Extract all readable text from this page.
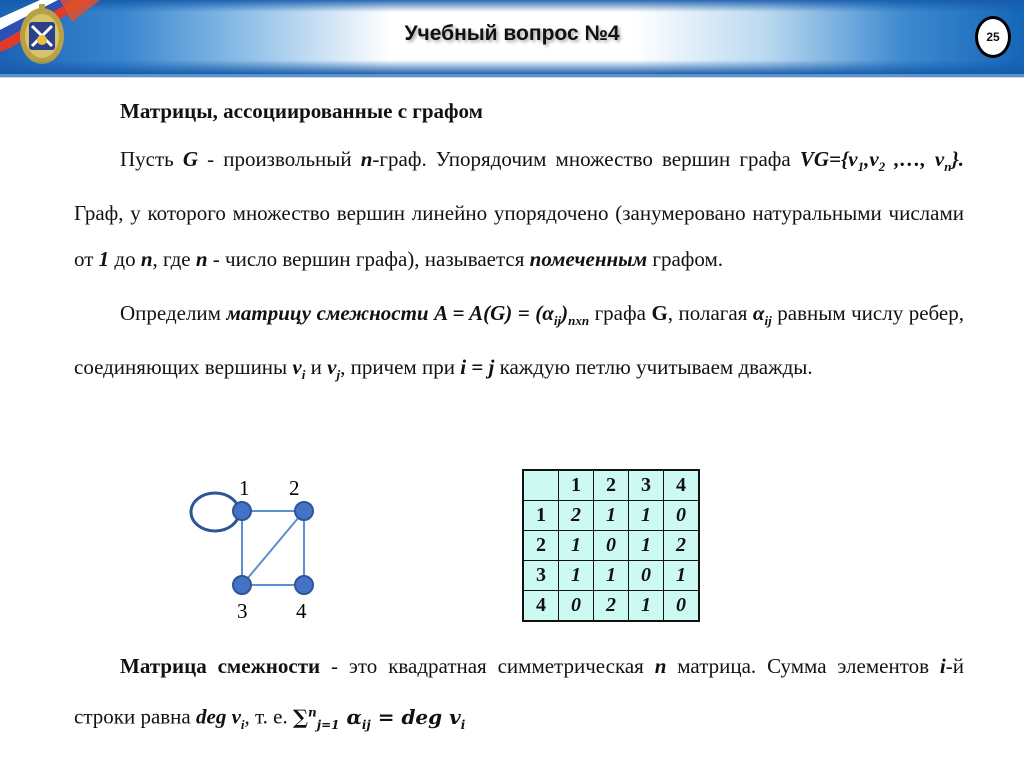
Учебный вопрос №4	25

Матрицы, ассоциированные с графом

Пусть G - произвольный n-граф. Упорядочим множество вершин графа $VG=\{v_1,v_2$ ,…, $v_n$}. Граф, у которого множество вершин линейно упорядочено (занумеровано натуральными числами от 1 до n, где n - число вершин графа), называется помеченным графом.

Определим матрицу смежности $A = A(G) = (\alpha_{ij})_{nxn}$ графа G, полагая $\alpha_{ij}$ равным числу ребер, соединяющих вершины $v_i$ и $v_j$, причем при i = j каждую петлю учитываем дважды.

1 2
3 4
	1	2	3	4
1	2	1	1	0
2	1	0	1	2
3	1	1	0	1
4	0	2	1	0

Матрица смежности - это квадратная симметрическая n матрица. Сумма элементов i-й строки равна deg $v_i$, т. е. ∑$^n_{j=1}$ $\alpha_{ij}$ = deg $v_i$
